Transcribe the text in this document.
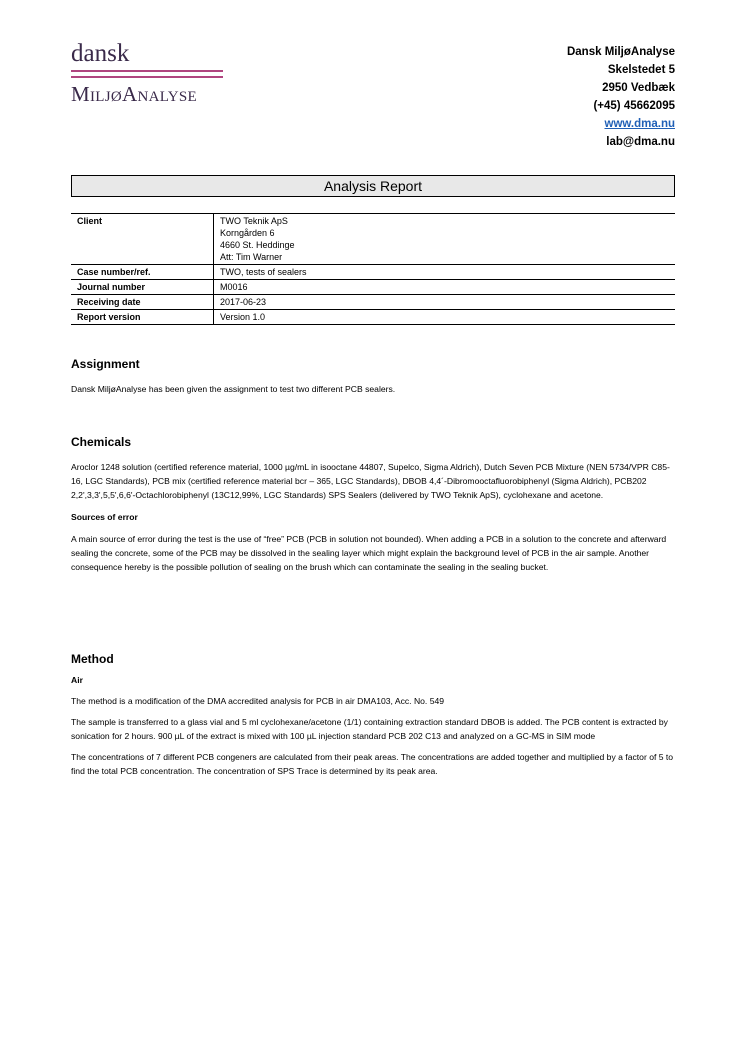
dansk
MiljøAnalyse
Dansk MiljøAnalyse
Skelstedet 5
2950 Vedbæk
(+45) 45662095
www.dma.nu
lab@dma.nu
Analysis Report
Client	TWO Teknik ApS
Korngården 6
4660 St. Heddinge
Att: Tim Warner

Case number/ref.	TWO, tests of sealers
Journal number	M0016
Receiving date	2017-06-23
Report version	Version 1.0

Assignment

Dansk MiljøAnalyse has been given the assignment to test two different PCB sealers.

Chemicals

Aroclor 1248 solution (certified reference material, 1000 µg/mL in isooctane 44807, Supelco, Sigma Aldrich), Dutch Seven PCB Mixture (NEN 5734/VPR C85-16, LGC Standards), PCB mix (certified reference material bcr – 365, LGC Standards), DBOB 4,4´-Dibromooctafluorobiphenyl (Sigma Aldrich), PCB202 2,2',3,3',5,5',6,6'-Octachlorobiphenyl (13C12,99%, LGC Standards) SPS Sealers (delivered by TWO Teknik ApS), cyclohexane and acetone.

Sources of error

A main source of error during the test is the use of “free” PCB (PCB in solution not bounded). When adding a PCB in a solution to the concrete and afterward sealing the concrete, some of the PCB may be dissolved in the sealing layer which might explain the background level of PCB in the air sample. Another consequence hereby is the possible pollution of sealing on the brush which can contaminate the sealing in the sealing bucket.

Method

Air

The method is a modification of the DMA accredited analysis for PCB in air DMA103, Acc. No. 549

The sample is transferred to a glass vial and 5 ml cyclohexane/acetone (1/1) containing extraction standard DBOB is added. The PCB content is extracted by sonication for 2 hours. 900 µL of the extract is mixed with 100 µL injection standard PCB 202 C13 and analyzed on a GC-MS in SIM mode

The concentrations of 7 different PCB congeners are calculated from their peak areas. The concentrations are added together and multiplied by a factor of 5 to find the total PCB concentration. The concentration of SPS Trace is determined by its peak area.
